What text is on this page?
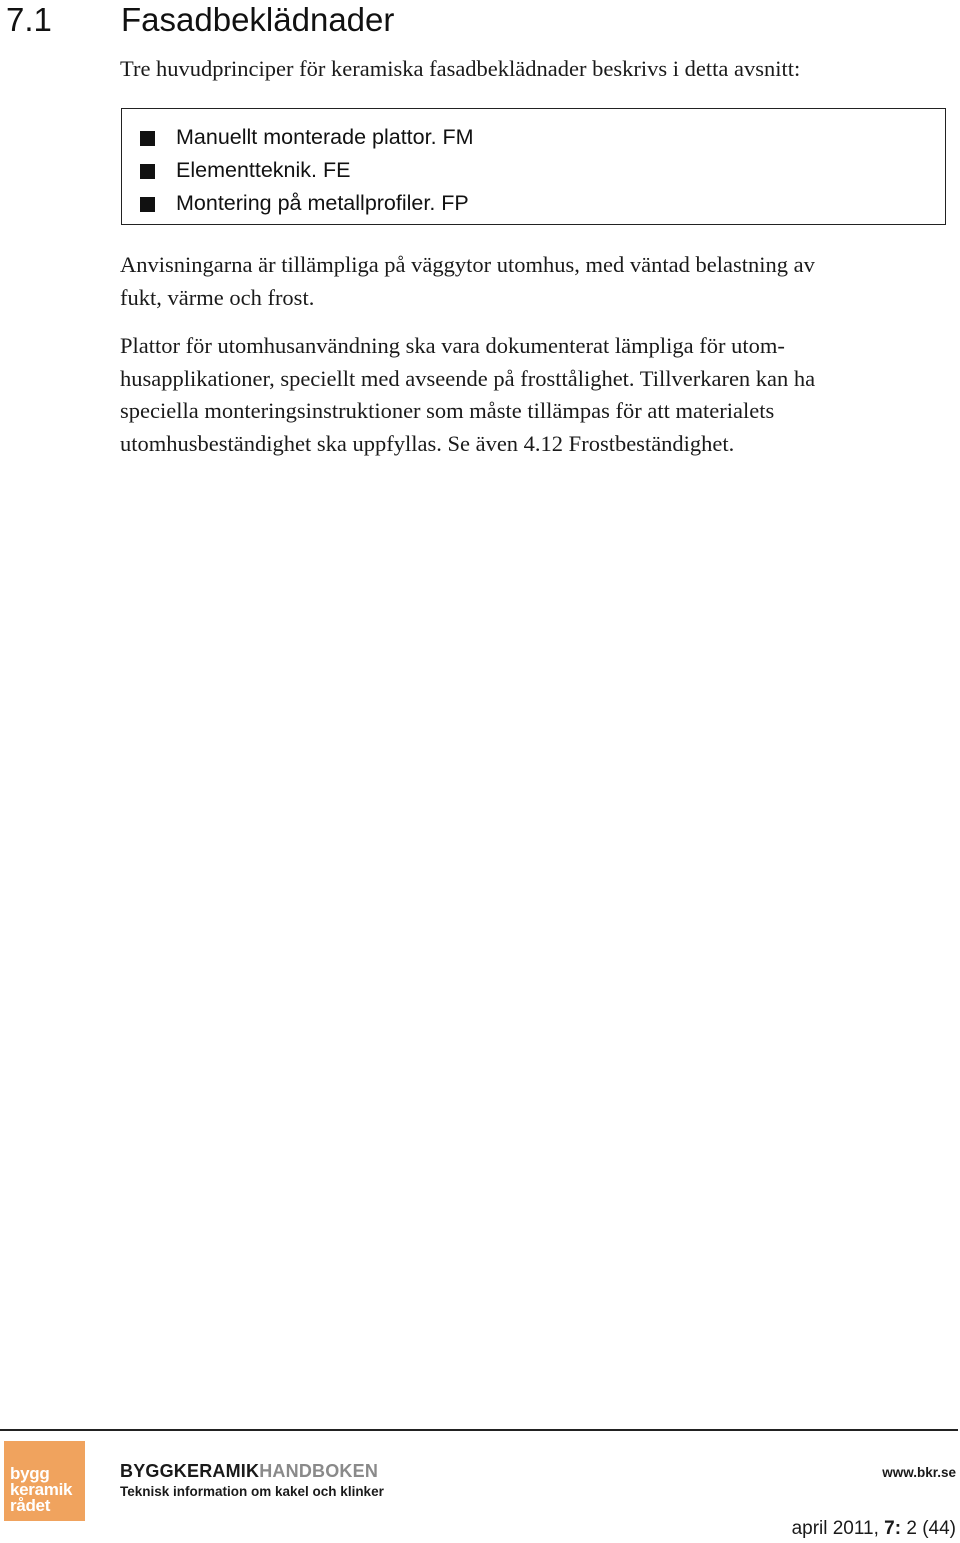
7.1 Fasadbeklädnader
Tre huvudprinciper för keramiska fasadbeklädnader beskrivs i detta avsnitt:
Manuellt monterade plattor. FM
Elementteknik. FE
Montering på metallprofiler. FP
Anvisningarna är tillämpliga på väggytor utomhus, med väntad belastning av
fukt, värme och frost.
Plattor för utomhusanvändning ska vara dokumenterat lämpliga för utom-
husapplikationer, speciellt med avseende på frosttålighet. Tillverkaren kan ha
speciella monteringsinstruktioner som måste tillämpas för att materialets
utomhusbeständighet ska uppfyllas. Se även 4.12 Frostbeständighet.
bygg
keramik
rådet
BYGGKERAMIKHANDBOKEN
Teknisk information om kakel och klinker
www.bkr.se
april 2011, 7: 2 (44)
